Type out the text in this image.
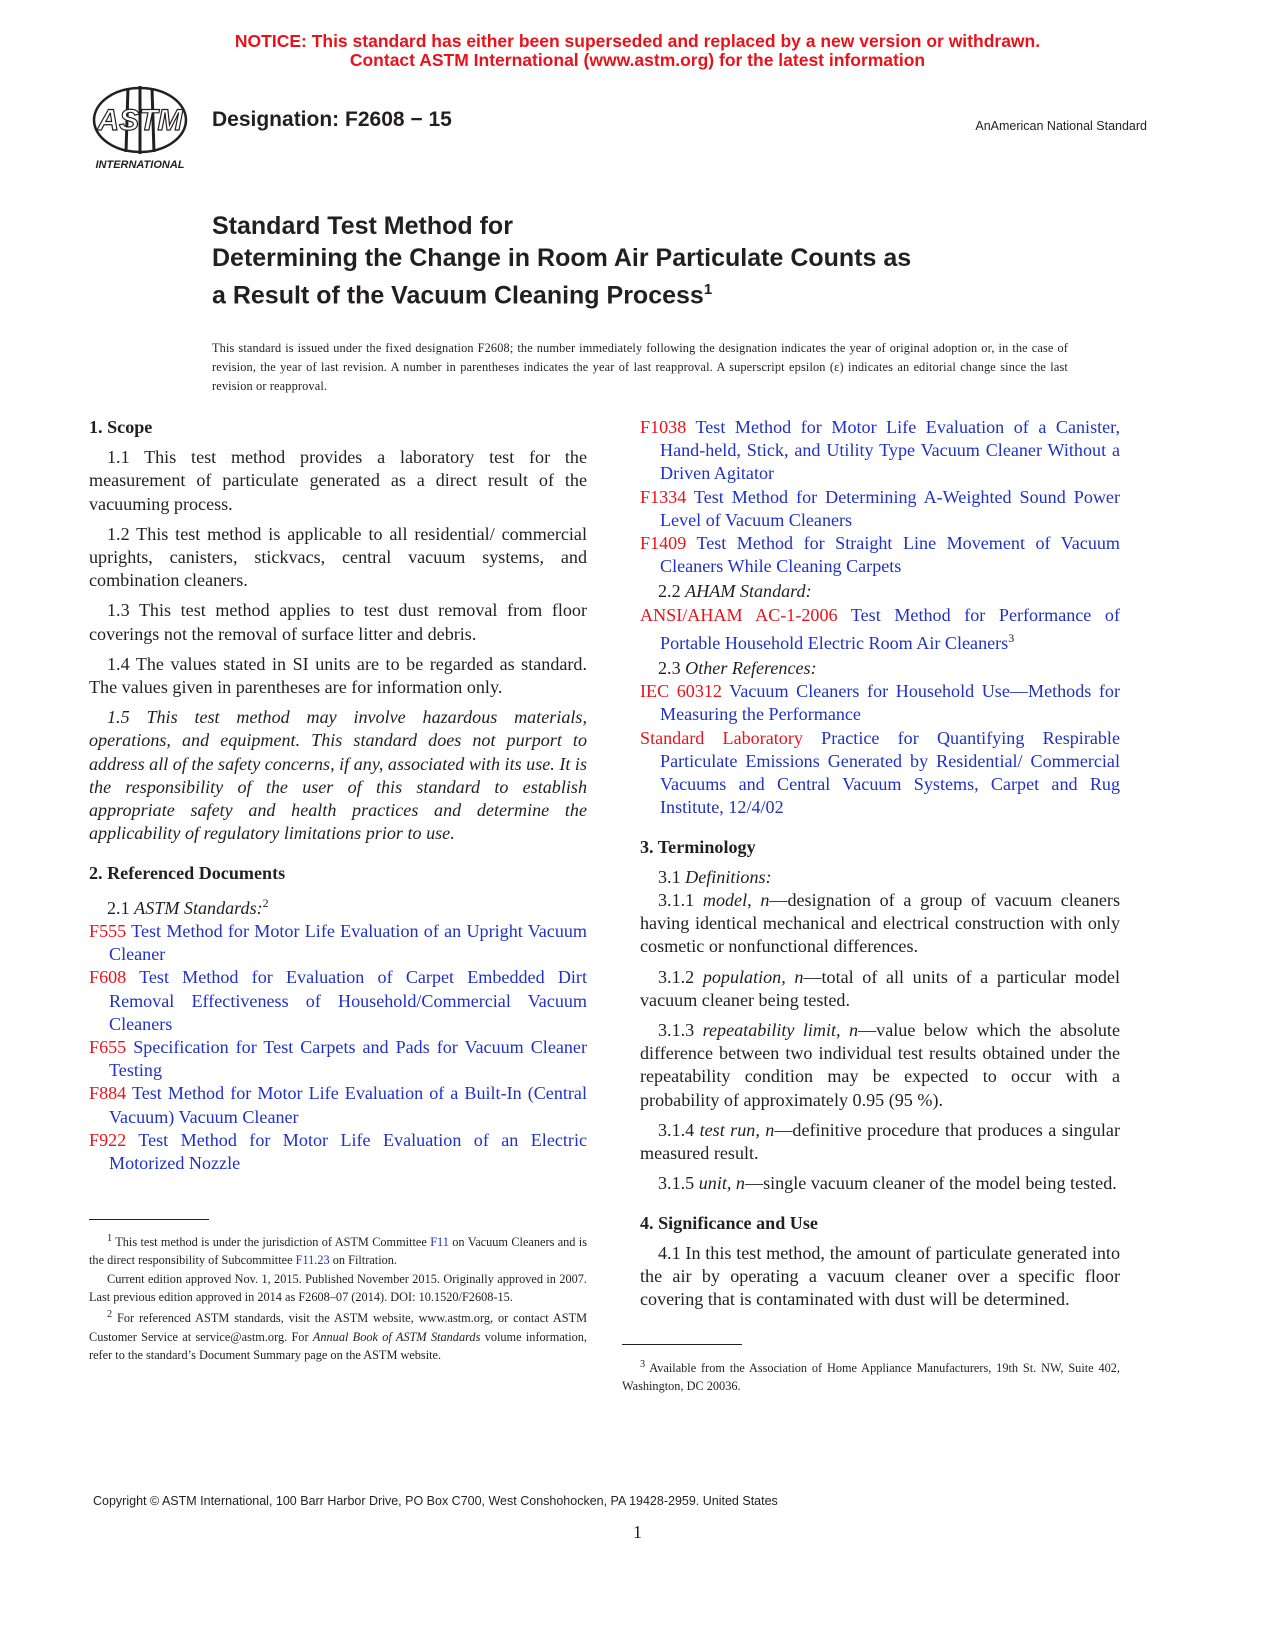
NOTICE: This standard has either been superseded and replaced by a new version or withdrawn.
Contact ASTM International (www.astm.org) for the latest information
ASTM
INTERNATIONAL
Designation: F2608 − 15	AnAmerican National Standard
Standard Test Method for
Determining the Change in Room Air Particulate Counts as
a Result of the Vacuum Cleaning Process$^1$
This standard is issued under the fixed designation F2608; the number immediately following the designation indicates the year of original adoption or, in the case of revision, the year of last revision. A number in parentheses indicates the year of last reapproval. A superscript epsilon (ε) indicates an editorial change since the last revision or reapproval.

1. Scope

1.1 This test method provides a laboratory test for the measurement of particulate generated as a direct result of the vacuuming process.

1.2 This test method is applicable to all residential/ commercial uprights, canisters, stickvacs, central vacuum systems, and combination cleaners.

1.3 This test method applies to test dust removal from floor coverings not the removal of surface litter and debris.

1.4 The values stated in SI units are to be regarded as standard. The values given in parentheses are for information only.

1.5 This test method may involve hazardous materials, operations, and equipment. This standard does not purport to address all of the safety concerns, if any, associated with its use. It is the responsibility of the user of this standard to establish appropriate safety and health practices and determine the applicability of regulatory limitations prior to use.

2. Referenced Documents

2.1 ASTM Standards:$^2$

F555 Test Method for Motor Life Evaluation of an Upright Vacuum Cleaner

F608 Test Method for Evaluation of Carpet Embedded Dirt Removal Effectiveness of Household/Commercial Vacuum Cleaners

F655 Specification for Test Carpets and Pads for Vacuum Cleaner Testing

F884 Test Method for Motor Life Evaluation of a Built-In (Central Vacuum) Vacuum Cleaner

F922 Test Method for Motor Life Evaluation of an Electric Motorized Nozzle

$^1$ This test method is under the jurisdiction of ASTM Committee F11 on Vacuum Cleaners and is the direct responsibility of Subcommittee F11.23 on Filtration.

Current edition approved Nov. 1, 2015. Published November 2015. Originally approved in 2007. Last previous edition approved in 2014 as F2608–07 (2014). DOI: 10.1520/F2608-15.

$^2$ For referenced ASTM standards, visit the ASTM website, www.astm.org, or contact ASTM Customer Service at service@astm.org. For Annual Book of ASTM Standards volume information, refer to the standard’s Document Summary page on the ASTM website.

F1038 Test Method for Motor Life Evaluation of a Canister, Hand-held, Stick, and Utility Type Vacuum Cleaner Without a Driven Agitator

F1334 Test Method for Determining A-Weighted Sound Power Level of Vacuum Cleaners

F1409 Test Method for Straight Line Movement of Vacuum Cleaners While Cleaning Carpets

2.2 AHAM Standard:

ANSI/AHAM AC-1-2006 Test Method for Performance of Portable Household Electric Room Air Cleaners$^3$

2.3 Other References:

IEC 60312 Vacuum Cleaners for Household Use—Methods for Measuring the Performance

Standard Laboratory Practice for Quantifying Respirable Particulate Emissions Generated by Residential/ Commercial Vacuums and Central Vacuum Systems, Carpet and Rug Institute, 12/4/02

3. Terminology

3.1 Definitions:

3.1.1 model, n—designation of a group of vacuum cleaners having identical mechanical and electrical construction with only cosmetic or nonfunctional differences.

3.1.2 population, n—total of all units of a particular model vacuum cleaner being tested.

3.1.3 repeatability limit, n—value below which the absolute difference between two individual test results obtained under the repeatability condition may be expected to occur with a probability of approximately 0.95 (95 %).

3.1.4 test run, n—definitive procedure that produces a singular measured result.

3.1.5 unit, n—single vacuum cleaner of the model being tested.

4. Significance and Use

4.1 In this test method, the amount of particulate generated into the air by operating a vacuum cleaner over a specific floor covering that is contaminated with dust will be determined.

$^3$ Available from the Association of Home Appliance Manufacturers, 19th St. NW, Suite 402, Washington, DC 20036.

Copyright © ASTM International, 100 Barr Harbor Drive, PO Box C700, West Conshohocken, PA 19428-2959. United States
1
